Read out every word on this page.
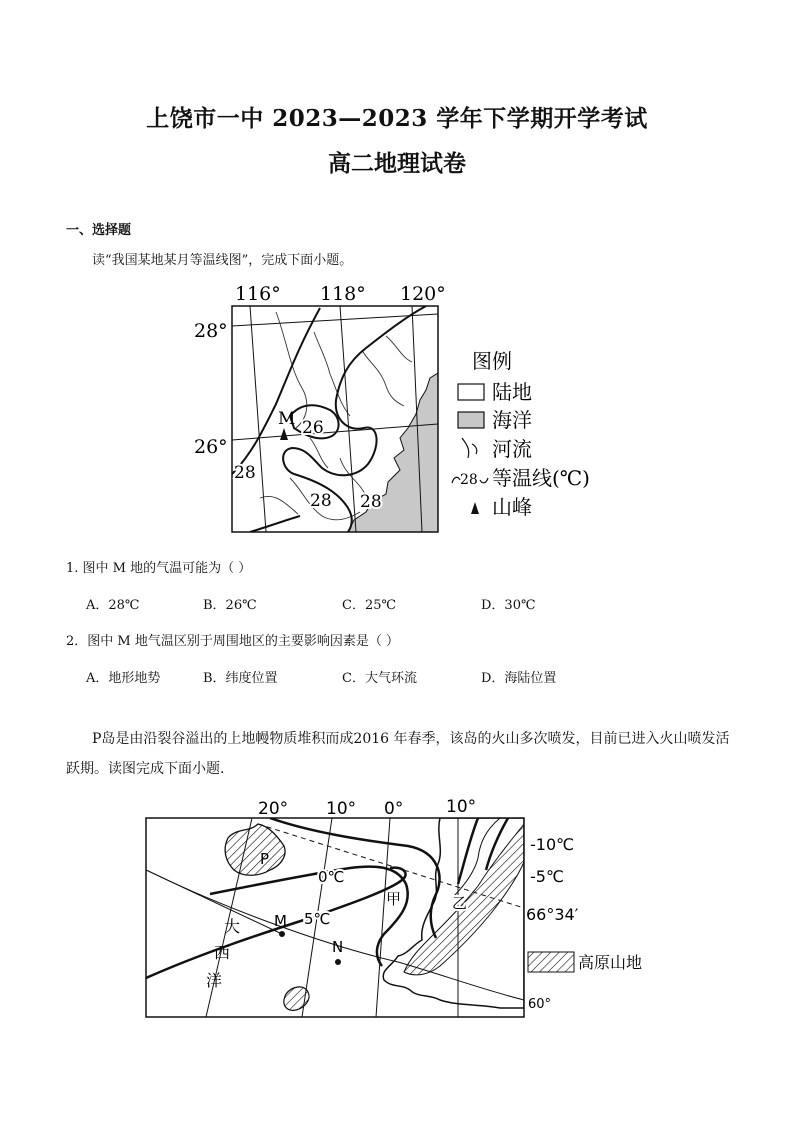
上饶市一中 2023—2023 学年下学期开学考试
高二地理试卷
一、选择题
读“我国某地某月等温线图”，完成下面小题。
116° 118° 120°
28°
26°
M 26
28
28 28
图例
陆地
海洋
河流
28 等温线(℃)
山峰
1. 图中 M 地的气温可能为（ ）
A．28℃	B．26℃	C．25℃	D．30℃
2．图中 M 地气温区别于周围地区的主要影响因素是（ ）
A．地形地势	B．纬度位置	C．大气环流	D．海陆位置
P岛是由沿裂谷溢出的上地幔物质堆积而成2016 年春季，该岛的火山多次喷发，目前已进入火山喷发活跃期。读图完成下面小题.
20° 10° 0°	10°
P
M
N
甲	乙
大
西
洋
0℃
5℃
-10℃
-5℃
66°34′
60°
高原山地
